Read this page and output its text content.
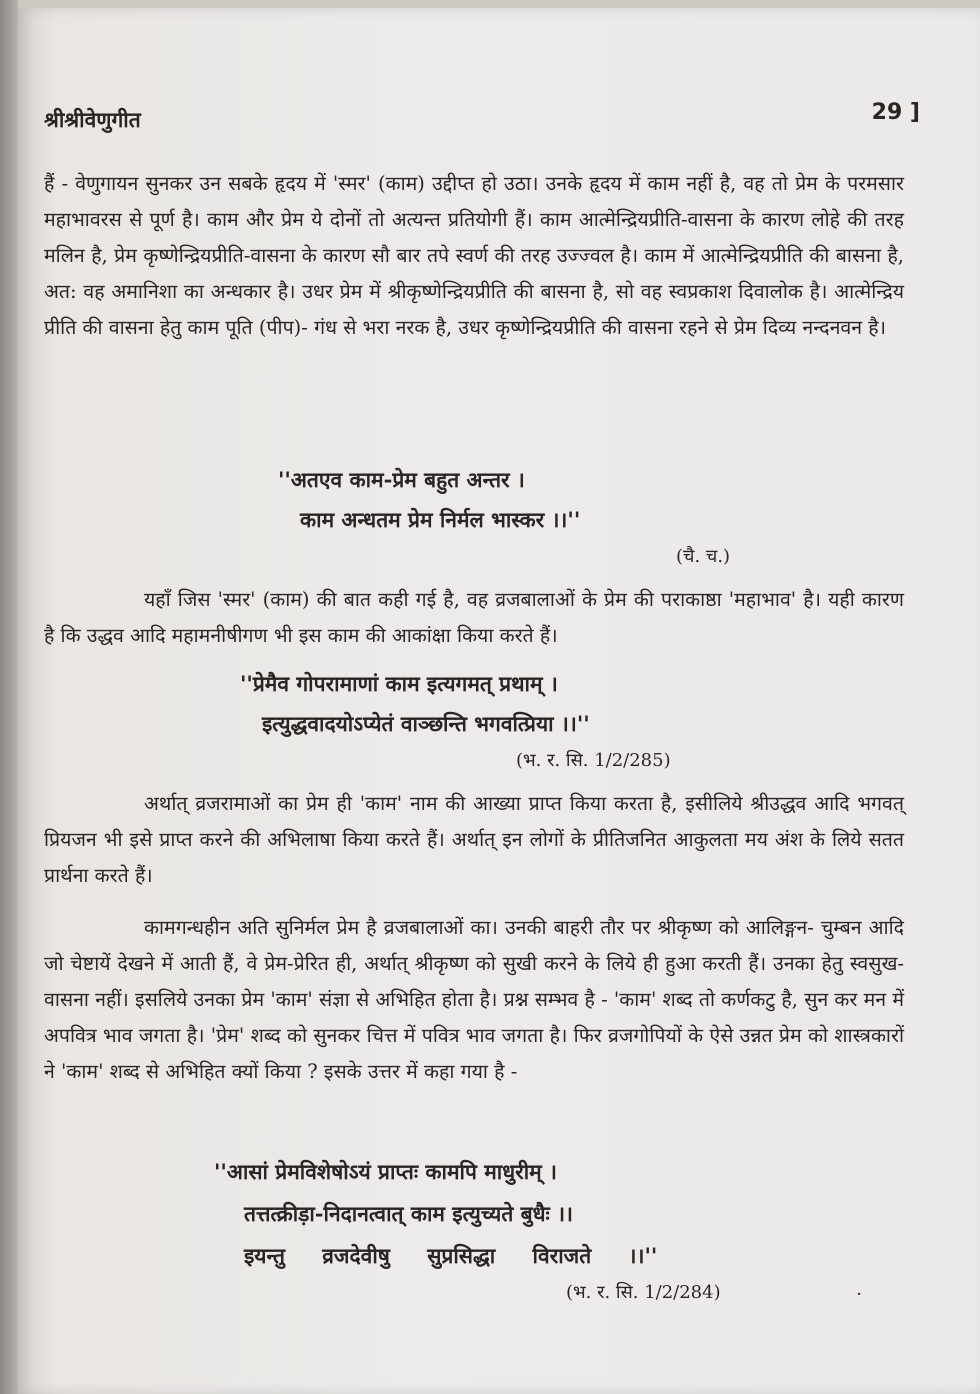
श्रीश्रीवेणुगीत	29 ]

हैं - वेणुगायन सुनकर उन सबके हृदय में 'स्मर' (काम) उद्दीप्त हो उठा। उनके हृदय में काम नहीं है, वह तो प्रेम के परमसार महाभावरस से पूर्ण है। काम और प्रेम ये दोनों तो अत्यन्त प्रतियोगी हैं। काम आत्मेन्द्रियप्रीति-वासना के कारण लोहे की तरह मलिन है, प्रेम कृष्णेन्द्रियप्रीति-वासना के कारण सौ बार तपे स्वर्ण की तरह उज्ज्वल है। काम में आत्मेन्द्रियप्रीति की बासना है, अत: वह अमानिशा का अन्धकार है। उधर प्रेम में श्रीकृष्णेन्द्रियप्रीति की बासना है, सो वह स्वप्रकाश दिवालोक है। आत्मेन्द्रिय प्रीति की वासना हेतु काम पूति (पीप)- गंध से भरा नरक है, उधर कृष्णेन्द्रियप्रीति की वासना रहने से प्रेम दिव्य नन्दनवन है।

''अतएव काम-प्रेम बहुत अन्तर ।
काम अन्धतम प्रेम निर्मल भास्कर ।।''
(चै. च.)

यहाँ जिस 'स्मर' (काम) की बात कही गई है, वह व्रजबालाओं के प्रेम की पराकाष्ठा 'महाभाव' है। यही कारण है कि उद्धव आदि महामनीषीगण भी इस काम की आकांक्षा किया करते हैं।

''प्रेमैव गोपरामाणां काम इत्यगमत् प्रथाम् ।
इत्युद्धवादयोऽप्येतं वाञ्छन्ति भगवत्प्रिया ।।''
(भ. र. सि. 1/2/285)

अर्थात् व्रजरामाओं का प्रेम ही 'काम' नाम की आख्या प्राप्त किया करता है, इसीलिये श्रीउद्धव आदि भगवत् प्रियजन भी इसे प्राप्त करने की अभिलाषा किया करते हैं। अर्थात् इन लोगों के प्रीतिजनित आकुलता मय अंश के लिये सतत प्रार्थना करते हैं।

कामगन्धहीन अति सुनिर्मल प्रेम है व्रजबालाओं का। उनकी बाहरी तौर पर श्रीकृष्ण को आलिङ्गन- चुम्बन आदि जो चेष्टायें देखने में आती हैं, वे प्रेम-प्रेरित ही, अर्थात् श्रीकृष्ण को सुखी करने के लिये ही हुआ करती हैं। उनका हेतु स्वसुख-वासना नहीं। इसलिये उनका प्रेम 'काम' संज्ञा से अभिहित होता है। प्रश्न सम्भव है - 'काम' शब्द तो कर्णकटु है, सुन कर मन में अपवित्र भाव जगता है। 'प्रेम' शब्द को सुनकर चित्त में पवित्र भाव जगता है। फिर व्रजगोपियों के ऐसे उन्नत प्रेम को शास्त्रकारों ने 'काम' शब्द से अभिहित क्यों किया ? इसके उत्तर में कहा गया है -

''आसां प्रेमविशेषोऽयं प्राप्तः कामपि माधुरीम् ।
तत्तत्क्रीड़ा-निदानत्वात् काम इत्युच्यते बुधैः ।।
इयन्तु व्रजदेवीषु सुप्रसिद्धा विराजते ।।''
(भ. र. सि. 1/2/284)	·
